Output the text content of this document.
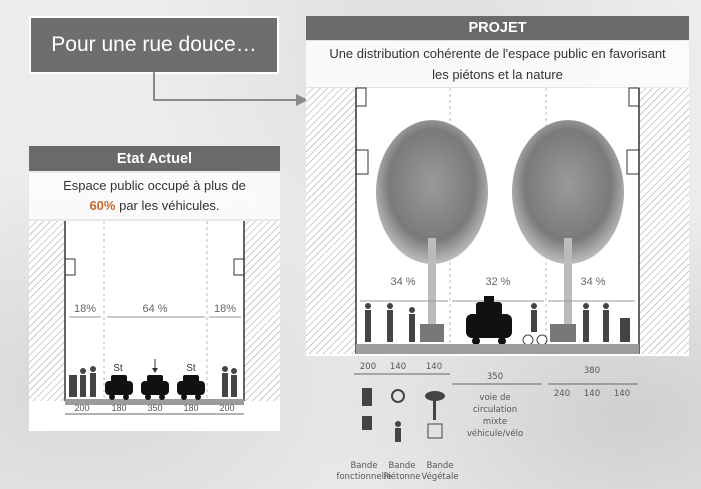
Pour une rue douce…
Etat Actuel
Espace public occupé à plus de
60% par les véhicules.
18%	64 %	18%
St	St
200 180 350 180 200
PROJET
Une distribution cohérente de l'espace public en favorisant
les piétons et la nature
34 %	32 %	34 %
200 140 140
350
380
240 140 140
Bande
fonctionnelle
Bande
Piétonne
Bande
Végétale
voie de
circulation
mixte
véhicule/vélo
